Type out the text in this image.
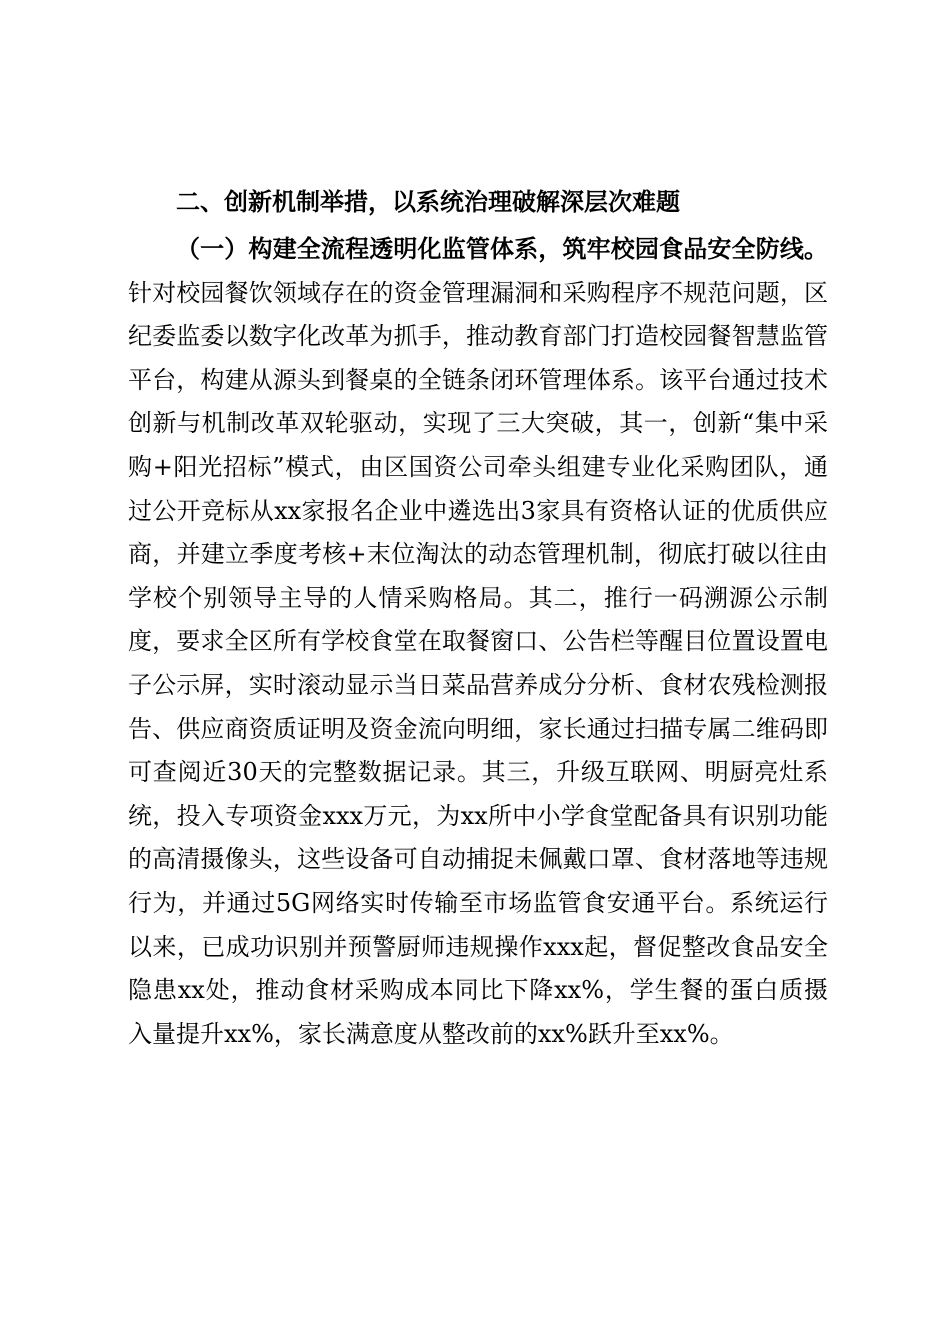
二、创新机制举措，以系统治理破解深层次难题

（一）构建全流程透明化监管体系，筑牢校园食品安全防线。针对校园餐饮领域存在的资金管理漏洞和采购程序不规范问题，区纪委监委以数字化改革为抓手，推动教育部门打造校园餐智慧监管平台，构建从源头到餐桌的全链条闭环管理体系。该平台通过技术创新与机制改革双轮驱动，实现了三大突破，其一，创新“集中采购+阳光招标”模式，由区国资公司牵头组建专业化采购团队，通过公开竞标从xx家报名企业中遴选出3家具有资格认证的优质供应商，并建立季度考核+末位淘汰的动态管理机制，彻底打破以往由学校个别领导主导的人情采购格局。其二，推行一码溯源公示制度，要求全区所有学校食堂在取餐窗口、公告栏等醒目位置设置电子公示屏，实时滚动显示当日菜品营养成分分析、食材农残检测报告、供应商资质证明及资金流向明细，家长通过扫描专属二维码即可查阅近30天的完整数据记录。其三，升级互联网、明厨亮灶系统，投入专项资金xxx万元，为xx所中小学食堂配备具有识别功能的高清摄像头，这些设备可自动捕捉未佩戴口罩、食材落地等违规行为，并通过5G网络实时传输至市场监管食安通平台。系统运行以来，已成功识别并预警厨师违规操作xxx起，督促整改食品安全隐患xx处，推动食材采购成本同比下降xx%，学生餐的蛋白质摄入量提升xx%，家长满意度从整改前的xx%跃升至xx%。
